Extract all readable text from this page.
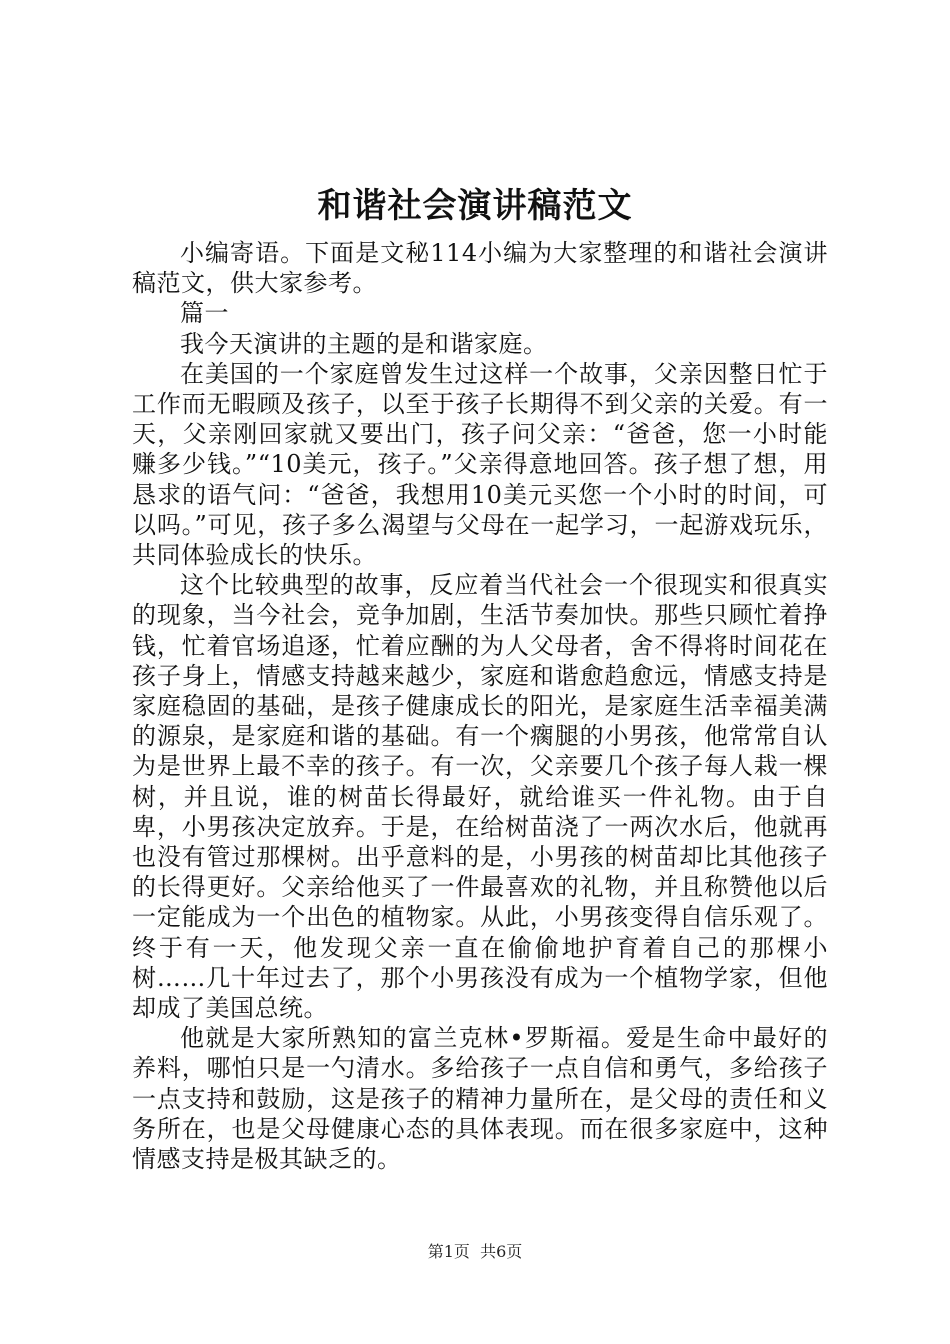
和谐社会演讲稿范文

小编寄语。下面是文秘114小编为大家整理的和谐社会演讲稿范文，供大家参考。

篇一

我今天演讲的主题的是和谐家庭。

在美国的一个家庭曾发生过这样一个故事，父亲因整日忙于工作而无暇顾及孩子，以至于孩子长期得不到父亲的关爱。有一天，父亲刚回家就又要出门，孩子问父亲：“爸爸，您一小时能赚多少钱。”“10美元，孩子。”父亲得意地回答。孩子想了想，用恳求的语气问：“爸爸，我想用10美元买您一个小时的时间，可以吗。”可见，孩子多么渴望与父母在一起学习，一起游戏玩乐，共同体验成长的快乐。

这个比较典型的故事，反应着当代社会一个很现实和很真实的现象，当今社会，竞争加剧，生活节奏加快。那些只顾忙着挣钱，忙着官场追逐，忙着应酬的为人父母者，舍不得将时间花在孩子身上，情感支持越来越少，家庭和谐愈趋愈远，情感支持是家庭稳固的基础，是孩子健康成长的阳光，是家庭生活幸福美满的源泉，是家庭和谐的基础。有一个瘸腿的小男孩，他常常自认为是世界上最不幸的孩子。有一次，父亲要几个孩子每人栽一棵树，并且说，谁的树苗长得最好，就给谁买一件礼物。由于自卑，小男孩决定放弃。于是，在给树苗浇了一两次水后，他就再也没有管过那棵树。出乎意料的是，小男孩的树苗却比其他孩子的长得更好。父亲给他买了一件最喜欢的礼物，并且称赞他以后一定能成为一个出色的植物家。从此，小男孩变得自信乐观了。终于有一天，他发现父亲一直在偷偷地护育着自己的那棵小树……几十年过去了，那个小男孩没有成为一个植物学家，但他却成了美国总统。

他就是大家所熟知的富兰克林•罗斯福。爱是生命中最好的养料，哪怕只是一勺清水。多给孩子一点自信和勇气，多给孩子一点支持和鼓励，这是孩子的精神力量所在，是父母的责任和义务所在，也是父母健康心态的具体表现。而在很多家庭中，这种情感支持是极其缺乏的。

第1页  共6页
